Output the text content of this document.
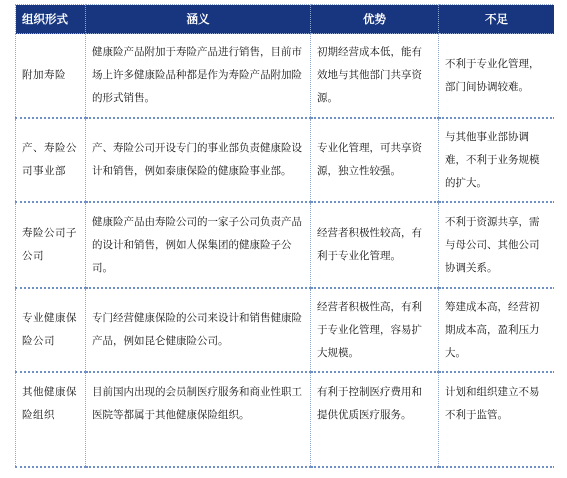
组织形式	涵义	优势	不足
附加寿险	健康险产品附加于寿险产品进行销售，目前市场上许多健康险品种都是作为寿险产品附加险的形式销售。	初期经营成本低，能有效地与其他部门共享资源。	不利于专业化管理，部门间协调较难。
产、寿险公司事业部	产、寿险公司开设专门的事业部负责健康险设计和销售，例如泰康保险的健康险事业部。	专业化管理，可共享资源，独立性较强。	与其他事业部协调难，不利于业务规模的扩大。
寿险公司子公司	健康险产品由寿险公司的一家子公司负责产品的设计和销售，例如人保集团的健康险子公司。	经营者积极性较高，有利于专业化管理。	不利于资源共享，需与母公司、其他公司协调关系。
专业健康保险公司	专门经营健康保险的公司来设计和销售健康险产品，例如昆仑健康险公司。	经营者积极性高，有利于专业化管理，容易扩大规模。	筹建成本高，经营初期成本高，盈利压力大。
其他健康保险组织	目前国内出现的会员制医疗服务和商业性职工医院等都属于其他健康保险组织。	有利于控制医疗费用和提供优质医疗服务。	计划和组织建立不易不利于监管。
